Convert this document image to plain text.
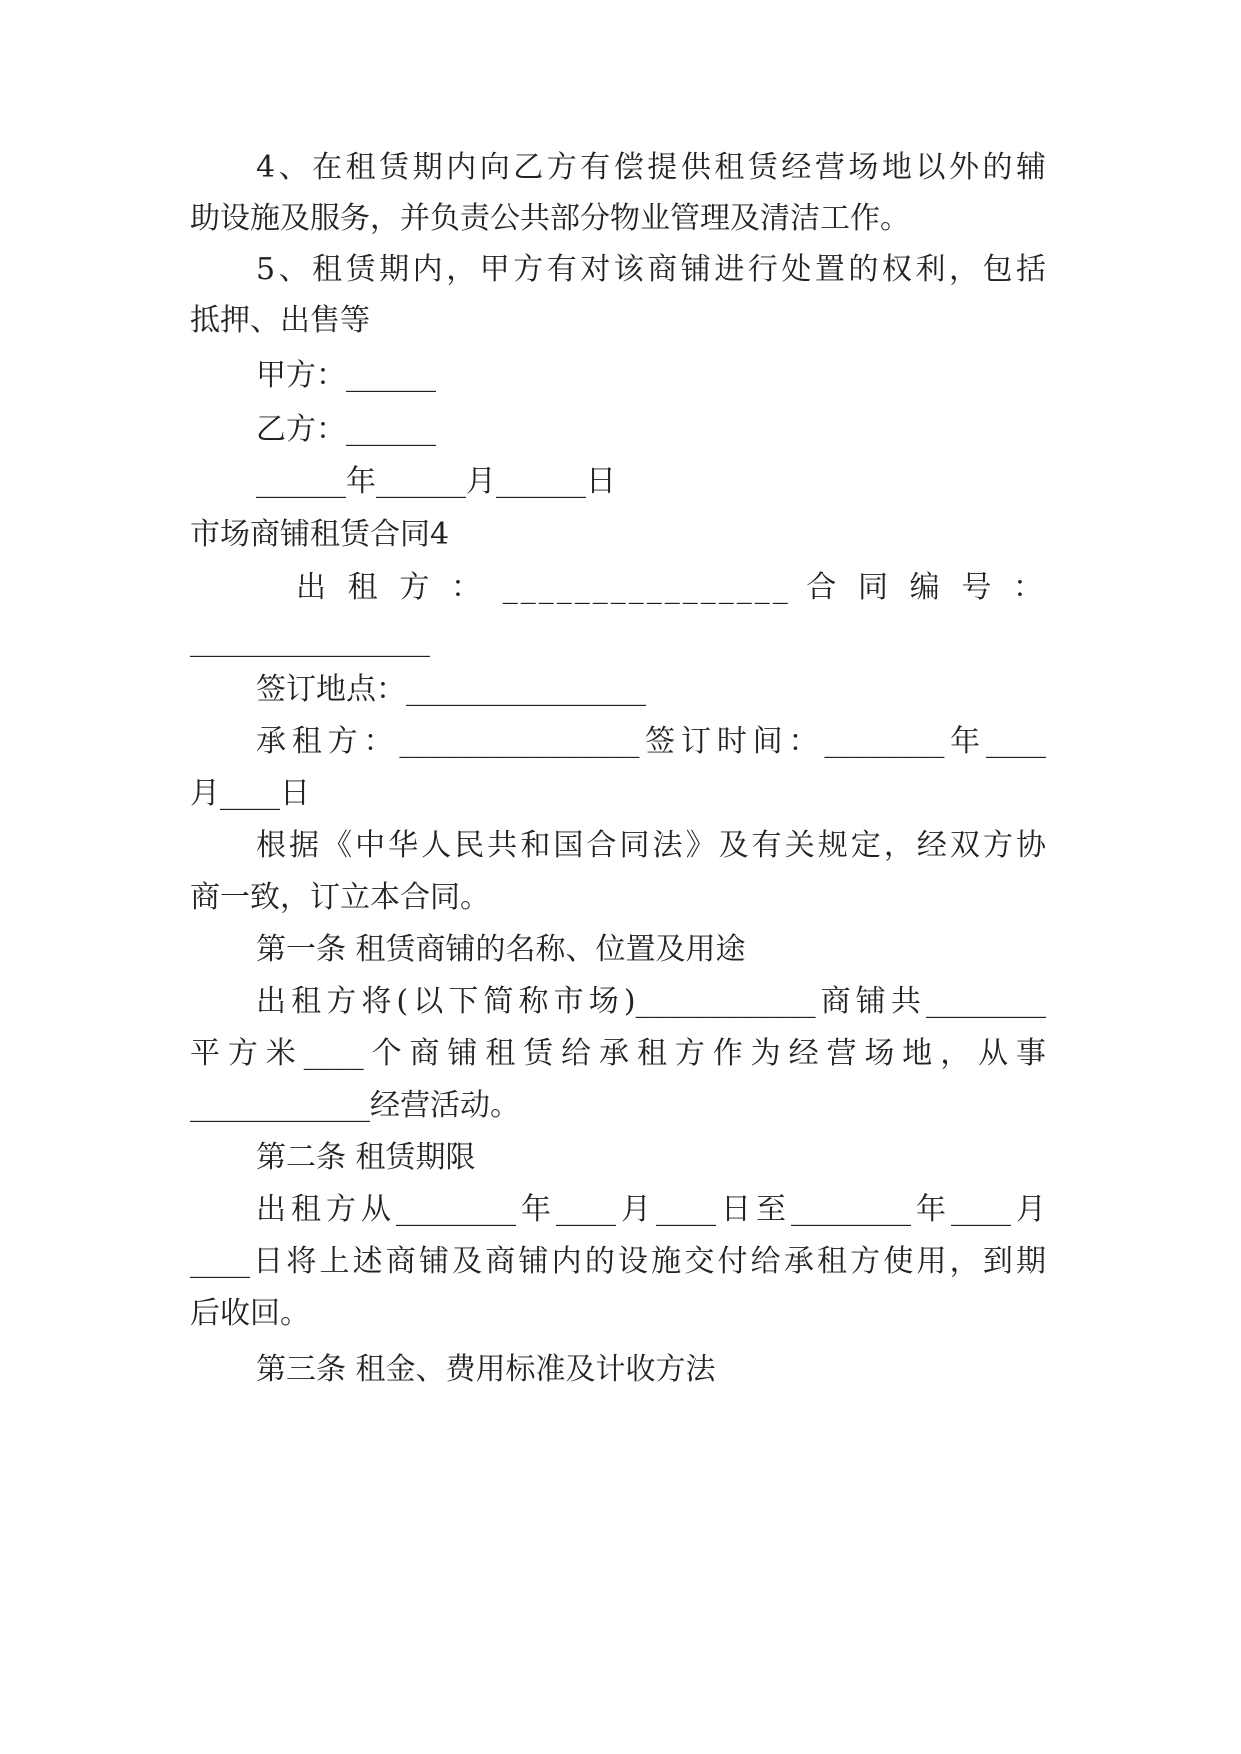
4、在租赁期内向乙方有偿提供租赁经营场地以外的辅
助设施及服务，并负责公共部分物业管理及清洁工作。
5、租赁期内，甲方有对该商铺进行处置的权利，包括
抵押、出售等
甲方：______
乙方：______
______年______月______日
市场商铺租赁合同4
出 租 方 ： ________________ 合 同 编 号 ：
________________
签订地点：________________
承租方：________________签订时间：________年____
月____日
根据《中华人民共和国合同法》及有关规定，经双方协
商一致，订立本合同。
第一条 租赁商铺的名称、位置及用途
出租方将(以下简称市场)____________商铺共________
平方米____个商铺租赁给承租方作为经营场地，从事
____________经营活动。
第二条 租赁期限
出租方从________年____月____日至________年____月
____日将上述商铺及商铺内的设施交付给承租方使用，到期
后收回。
第三条 租金、费用标准及计收方法
